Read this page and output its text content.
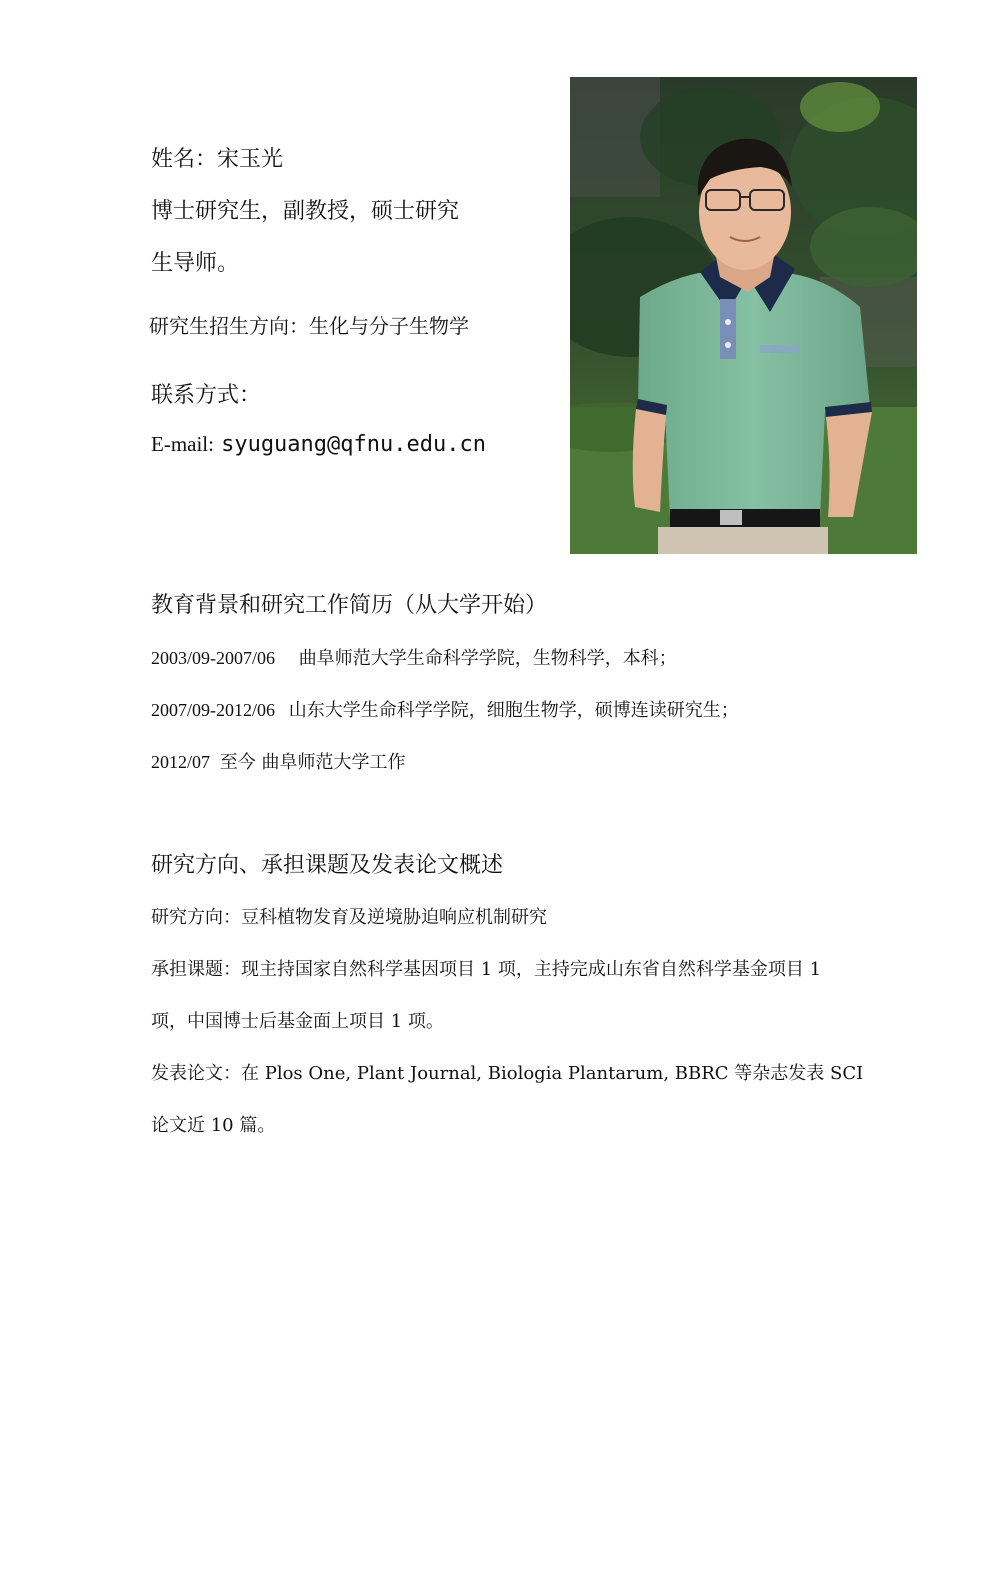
姓名：宋玉光
博士研究生，副教授，硕士研究
生导师。
研究生招生方向：生化与分子生物学
联系方式：
E-mail: syuguang@qfnu.edu.cn
教育背景和研究工作简历（从大学开始）
2003/09-2007/06 曲阜师范大学生命科学学院，生物科学，本科；
2007/09-2012/06 山东大学生命科学学院，细胞生物学，硕博连读研究生；
2012/07 至今 曲阜师范大学工作
研究方向、承担课题及发表论文概述
研究方向：豆科植物发育及逆境胁迫响应机制研究
承担课题：现主持国家自然科学基因项目 1 项，主持完成山东省自然科学基金项目 1
项，中国博士后基金面上项目 1 项。
发表论文：在 Plos One, Plant Journal, Biologia Plantarum, BBRC 等杂志发表 SCI
论文近 10 篇。
